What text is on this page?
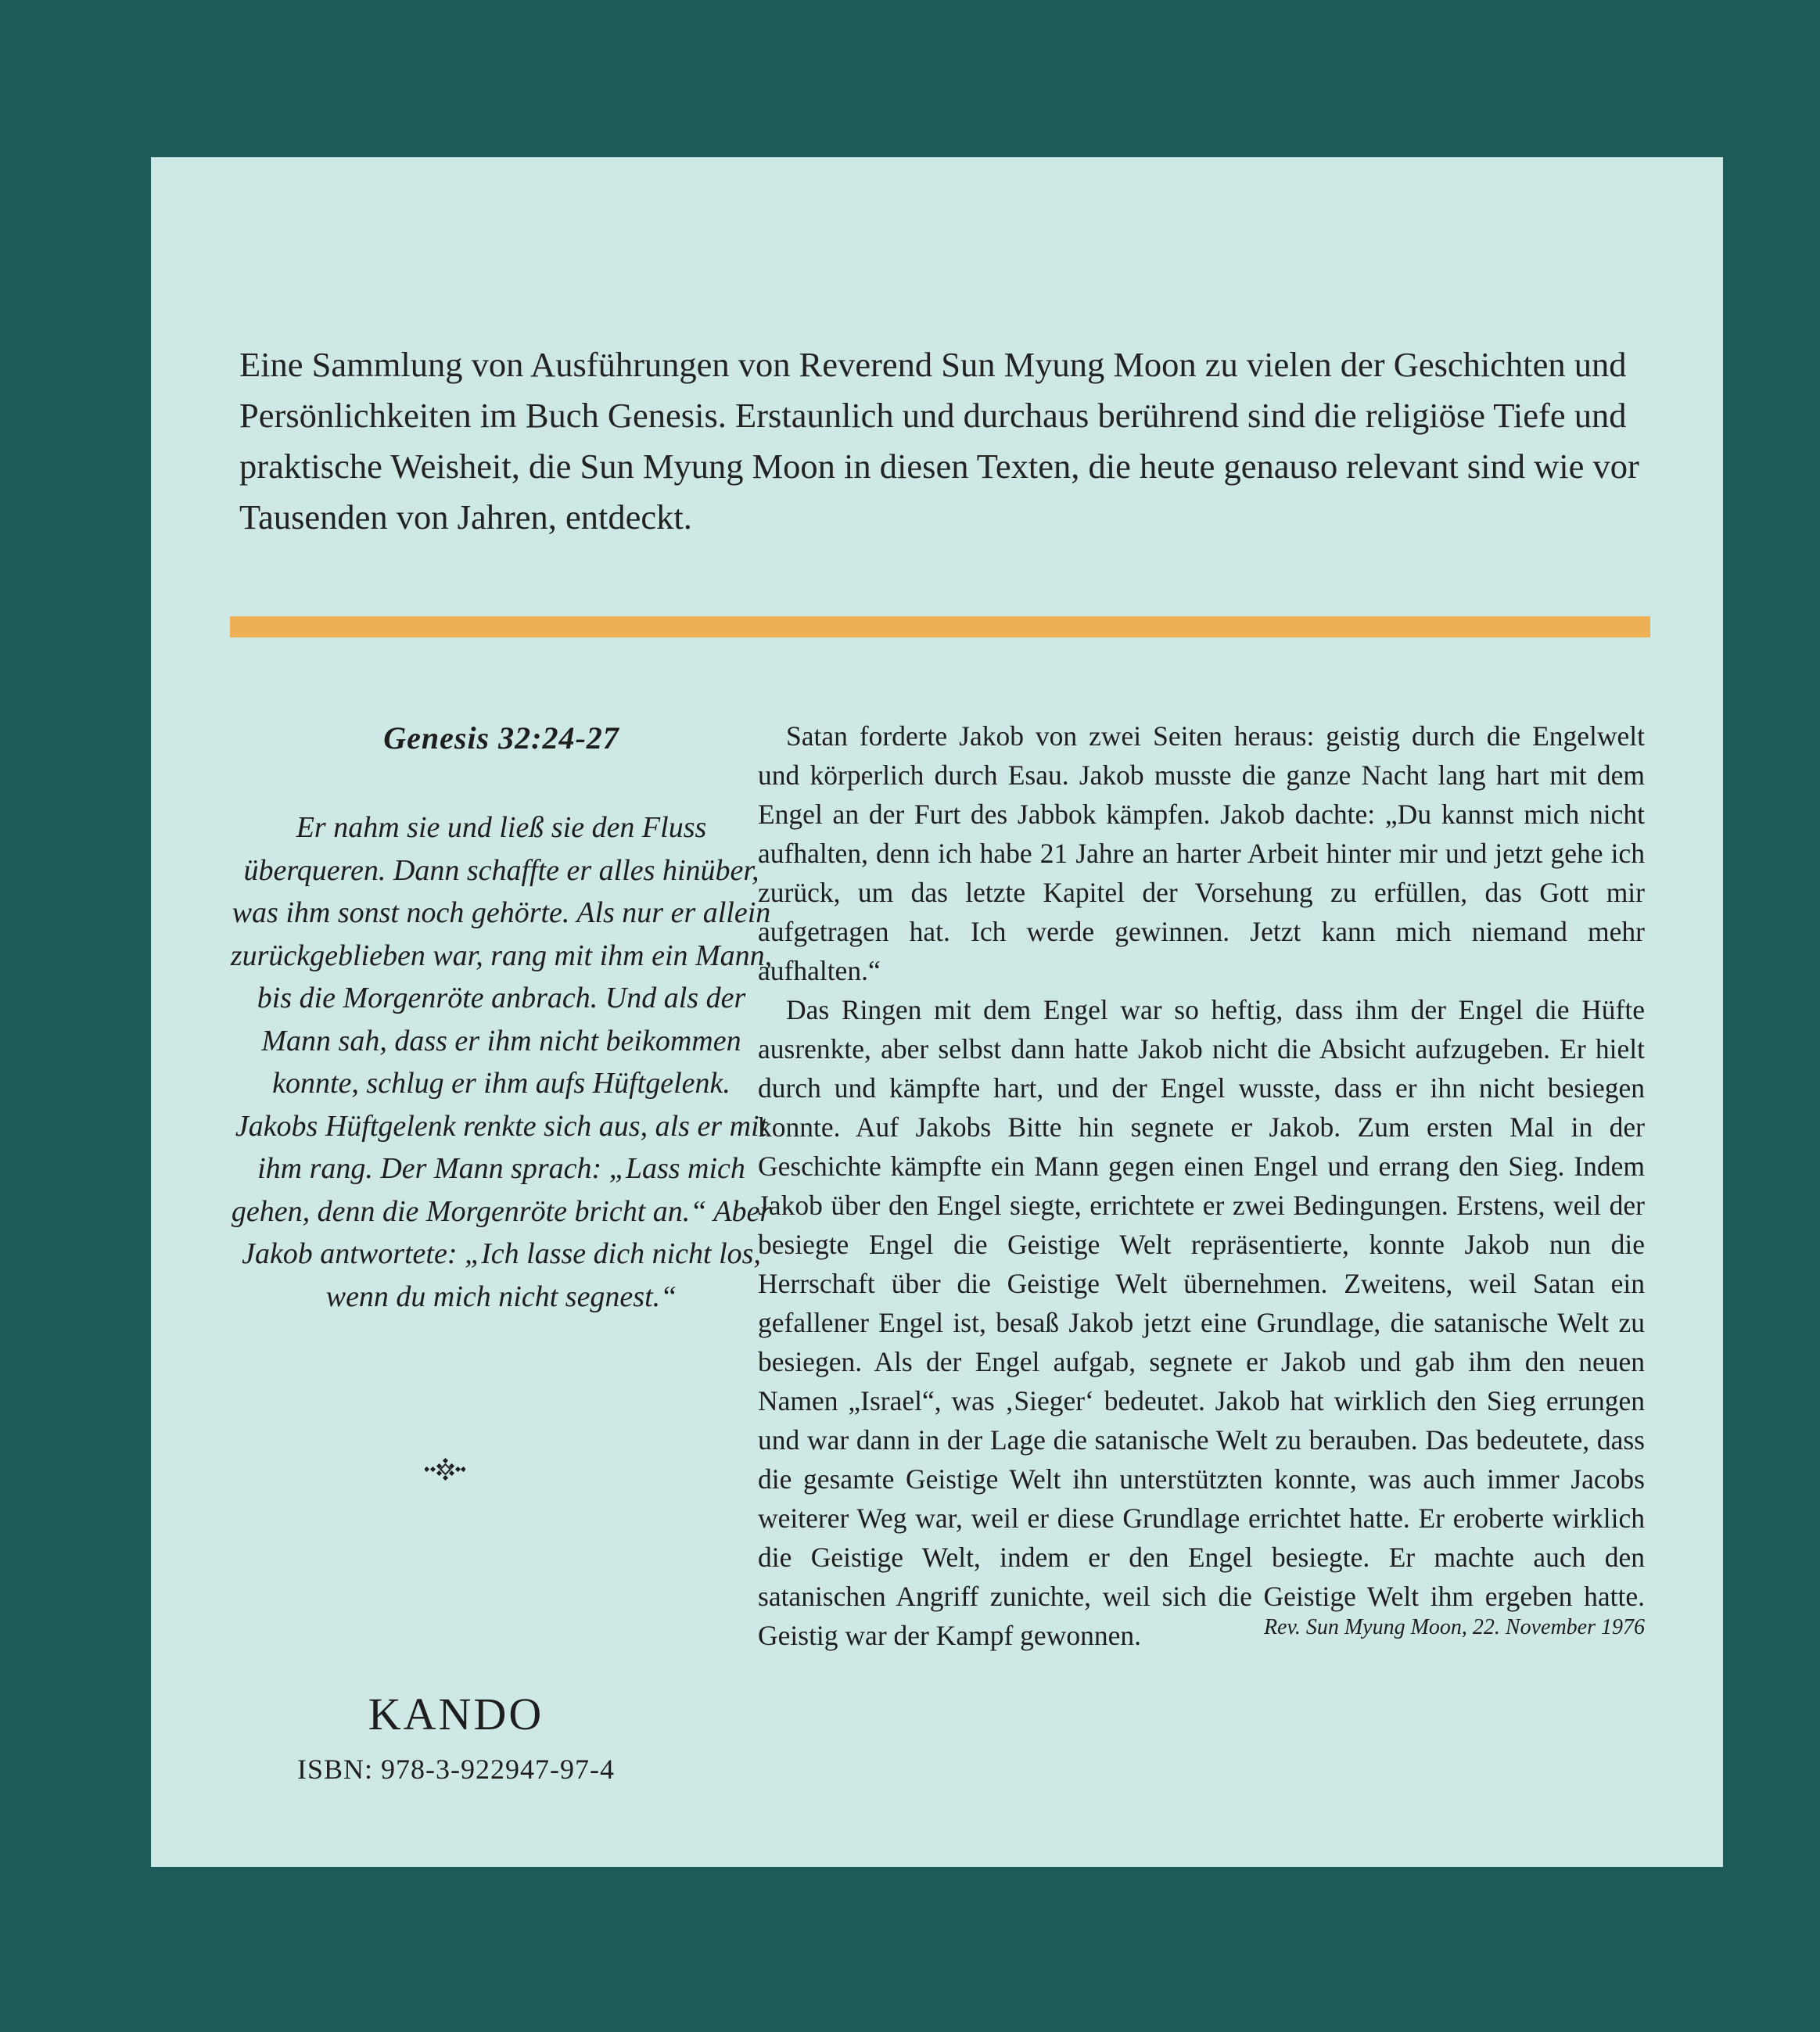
Eine Sammlung von Ausführungen von Reverend Sun Myung Moon zu vielen der Geschichten und Persönlichkeiten im Buch Genesis. Erstaunlich und durchaus berührend sind die religiöse Tiefe und praktische Weisheit, die Sun Myung Moon in diesen Texten, die heute genauso relevant sind wie vor Tausenden von Jahren, entdeckt.

Genesis 32:24-27

Er nahm sie und ließ sie den Fluss überqueren. Dann schaffte er alles hinüber, was ihm sonst noch gehörte. Als nur er allein zurückgeblieben war, rang mit ihm ein Mann, bis die Morgenröte anbrach. Und als der Mann sah, dass er ihm nicht beikommen konnte, schlug er ihm aufs Hüftgelenk. Jakobs Hüftgelenk renkte sich aus, als er mit ihm rang. Der Mann sprach: „Lass mich gehen, denn die Morgenröte bricht an.“ Aber Jakob antwortete: „Ich lasse dich nicht los, wenn du mich nicht segnest.“

Satan forderte Jakob von zwei Seiten heraus: geistig durch die Engelwelt und körperlich durch Esau. Jakob musste die ganze Nacht lang hart mit dem Engel an der Furt des Jabbok kämpfen. Jakob dachte: „Du kannst mich nicht aufhalten, denn ich habe 21 Jahre an harter Arbeit hinter mir und jetzt gehe ich zurück, um das letzte Kapitel der Vorsehung zu erfüllen, das Gott mir aufgetragen hat. Ich werde gewinnen. Jetzt kann mich niemand mehr aufhalten.“

Das Ringen mit dem Engel war so heftig, dass ihm der Engel die Hüfte ausrenkte, aber selbst dann hatte Jakob nicht die Absicht aufzugeben. Er hielt durch und kämpfte hart, und der Engel wusste, dass er ihn nicht besiegen konnte. Auf Jakobs Bitte hin segnete er Jakob. Zum ersten Mal in der Geschichte kämpfte ein Mann gegen einen Engel und errang den Sieg. Indem Jakob über den Engel siegte, errichtete er zwei Bedingungen. Erstens, weil der besiegte Engel die Geistige Welt repräsentierte, konnte Jakob nun die Herrschaft über die Geistige Welt übernehmen. Zweitens, weil Satan ein gefallener Engel ist, besaß Jakob jetzt eine Grundlage, die satanische Welt zu besiegen. Als der Engel aufgab, segnete er Jakob und gab ihm den neuen Namen „Israel“, was ‚Sieger‘ bedeutet. Jakob hat wirklich den Sieg errungen und war dann in der Lage die satanische Welt zu berauben. Das bedeutete, dass die gesamte Geistige Welt ihn unterstützten konnte, was auch immer Jacobs weiterer Weg war, weil er diese Grundlage errichtet hatte. Er eroberte wirklich die Geistige Welt, indem er den Engel besiegte. Er machte auch den satanischen Angriff zunichte, weil sich die Geistige Welt ihm ergeben hatte. Geistig war der Kampf gewonnen.	Rev. Sun Myung Moon, 22. November 1976
KANDO
ISBN: 978-3-922947-97-4
